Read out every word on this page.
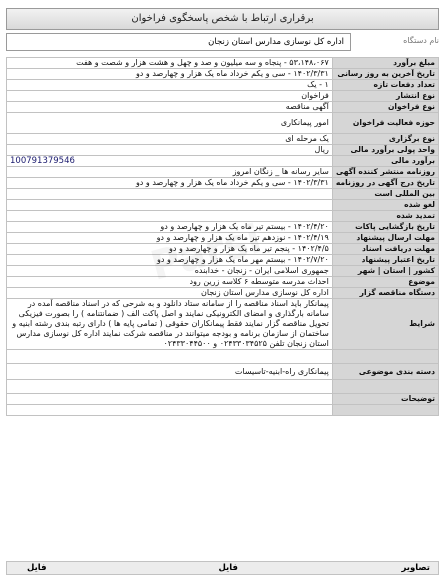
برقراری ارتباط با شخص پاسخگوی فراخوان
اداره کل نوسازی مدارس استان زنجان	نام دستگاه
مبلغ برآورد	۵۳،۱۴۸،۰۶۷ - پنجاه و سه میلیون و صد و چهل و هشت هزار و شصت و هفت
تاریخ آخرین به روز رسانی	۱۴۰۲/۳/۳۱ - سی و یکم خرداد ماه یک هزار و چهارصد و دو
تعداد دفعات تازه	۱ - یک
نوع انتشار	فراخوان
نوع فراخوان	آگهی مناقصه
حوزه فعالیت فراخوان	امور پیمانکاری
نوع برگزاری	یک مرحله ای
واحد پولی برآورد مالی	ریال
برآورد مالی	100791379546
روزنامه منتشر کننده آگهی	سایر رسانه ها _ زنگان امروز
تاریخ درج آگهی در روزنامه	۱۴۰۲/۳/۳۱ - سی و یکم خرداد ماه یک هزار و چهارصد و دو
بین المللی است	
لغو شده	
تمدید شده	
تاریخ بازگشایی پاکات	۱۴۰۲/۴/۲۰ - بیستم تیر ماه یک هزار و چهارصد و دو
مهلت ارسال پیشنهاد	۱۴۰۲/۴/۱۹ - نوزدهم تیر ماه یک هزار و چهارصد و دو
مهلت دریافت اسناد	۱۴۰۲/۴/۵ - پنجم تیر ماه یک هزار و چهارصد و دو
تاریخ اعتبار پیشنهاد	۱۴۰۲/۷/۲۰ - بیستم مهر ماه یک هزار و چهارصد و دو
کشور | استان | شهر	جمهوری اسلامی ایران - زنجان - خدابنده
موضوع	احداث مدرسه متوسطه ۶ کلاسه زرین رود
دستگاه مناقصه گزار	اداره کل نوسازی مدارس استان زنجان
شرایط	پیمانکار باید اسناد مناقصه را از سامانه ستاد دانلود و به شرحی که در اسناد مناقصه آمده در سامانه بارگذاری و امضای الکترونیکی نمایند و اصل پاکت الف ( ضمانتنامه ) را بصورت فیزیکی تحویل مناقصه گزار نمایند فقط پیمانکاران حقوقی ( تمامی پایه ها ) دارای رتبه بندی رشته ابنیه و ساختمان از سازمان برنامه و بودجه میتوانند در مناقصه شرکت نمایند اداره کل نوسازی مدارس استان زنجان تلفن ۰۲۴۳۳۰۳۴۵۲۵ و ۰۲۴۳۳۰۴۴۵۰۰

دسته بندی موضوعی	پیمانکاری راه-ابنیه-تاسیسات

توضیحات	

تصاویر
فایل
فایل
